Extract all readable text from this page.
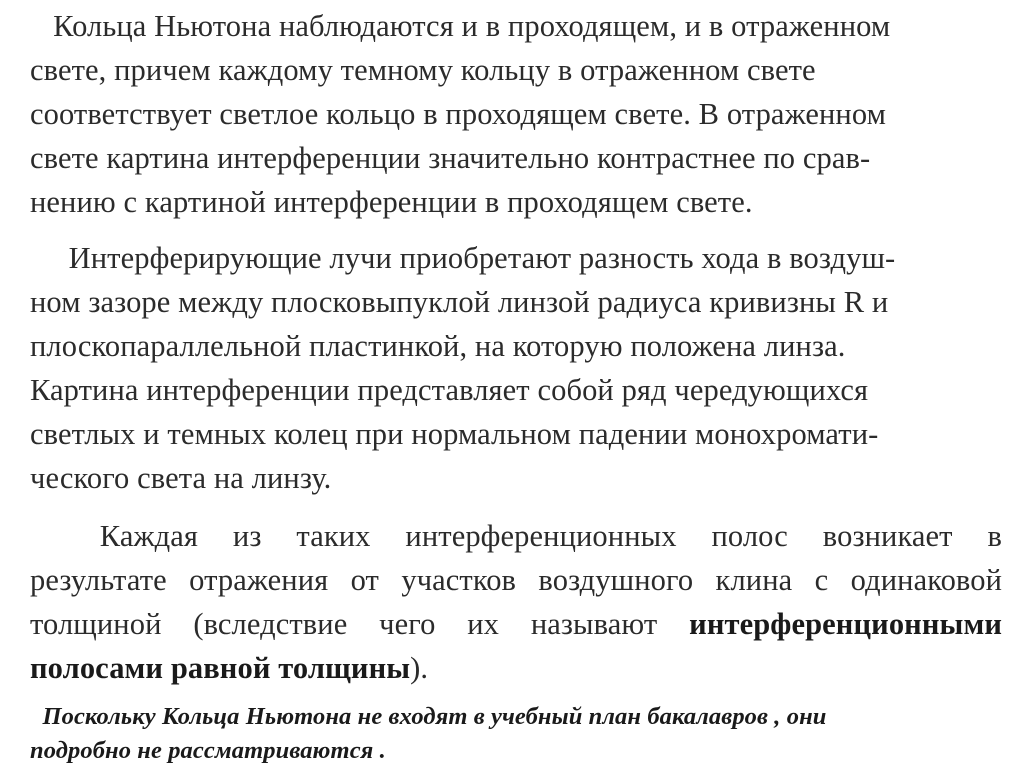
Кольца Ньютона наблюдаются и в проходящем, и в отраженном
свете, причем каждому темному кольцу в отраженном свете
соответствует светлое кольцо в проходящем свете. В отраженном
свете картина интерференции значительно контрастнее по срав-
нению с картиной интерференции в проходящем свете.

Интерферирующие лучи приобретают разность хода в воздуш-
ном зазоре между плосковыпуклой линзой радиуса кривизны R и
плоскопараллельной пластинкой, на которую положена линза.
Картина интерференции представляет собой ряд чередующихся
светлых и темных колец при нормальном падении монохромати-
ческого света на линзу.

Каждая из таких интерференционных полос возникает в
результате отражения от участков воздушного клина с одинаковой
толщиной (вследствие чего их называют интерференционными
полосами равной толщины).

Поскольку Кольца Ньютона не входят в учебный план бакалавров , они
подробно не рассматриваются .
